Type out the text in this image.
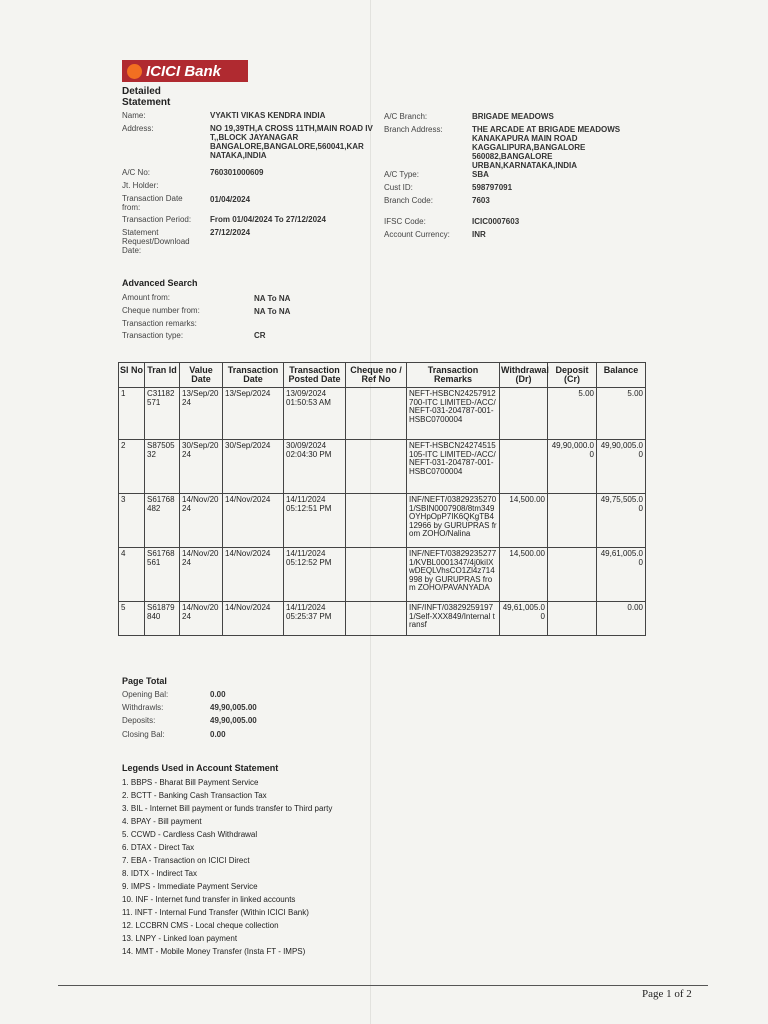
ICICI Bank
Detailed Statement
Name:	VYAKTI VIKAS KENDRA INDIA
Address:	NO 19,39TH,A CROSS 11TH,MAIN ROAD IV T,,BLOCK JAYANAGAR BANGALORE,BANGALORE,560041,KAR NATAKA,INDIA
A/C No:	760301000609
Jt. Holder:
Transaction Date from:
01/04/2024
Transaction Period: From 01/04/2024 To 27/12/2024
Statement Request/Download Date:
27/12/2024
A/C Branch:	BRIGADE MEADOWS
Branch Address:	THE ARCADE AT BRIGADE MEADOWS KANAKAPURA MAIN ROAD KAGGALIPURA,BANGALORE 560082,BANGALORE URBAN,KARNATAKA,INDIA
A/C Type:	SBA
Cust ID:	598797091
Branch Code:	7603
IFSC Code:	ICIC0007603
Account Currency:	INR
Advanced Search
Amount from:	NA To NA
Cheque number from:	NA To NA
Transaction remarks:
Transaction type:	CR
Sl No	Tran Id	Value Date	Transaction Date	Transaction Posted Date	Cheque no / Ref No	Transaction Remarks	Withdrawal (Dr)	Deposit (Cr)	Balance
1	C31182571	13/Sep/2024	13/Sep/2024	13/09/2024 01:50:53 AM		NEFT-HSBCN24257912700-ITC LIMITED-/ACC/NEFT-031-204787-001-HSBC0700004		5.00	5.00
2	S8750532	30/Sep/2024	30/Sep/2024	30/09/2024 02:04:30 PM		NEFT-HSBCN24274515105-ITC LIMITED-/ACC/NEFT-031-204787-001-HSBC0700004		49,90,000.00	49,90,005.00
3	S61768482	14/Nov/2024	14/Nov/2024	14/11/2024 05:12:51 PM		INF/NEFT/038292352701/SBIN0007908/8tm349OYHpOpP7IK6QKgTB412966 by GURUPRAS from ZOHO/Nalina	14,500.00		49,75,505.00
4	S61768561	14/Nov/2024	14/Nov/2024	14/11/2024 05:12:52 PM		INF/NEFT/038292352771/KVBL0001347/4j0kiIXwDEQLVhsCO1Zl4z714998 by GURUPRAS from ZOHO/PAVANYADA	14,500.00		49,61,005.00
5	S61879840	14/Nov/2024	14/Nov/2024	14/11/2024 05:25:37 PM		INF/INFT/038292591971/Self-XXX849/Internal transf	49,61,005.00		0.00
Page Total
Opening Bal:	0.00
Withdrawls:	49,90,005.00
Deposits:	49,90,005.00
Closing Bal:	0.00
Legends Used in Account Statement
1. BBPS - Bharat Bill Payment Service
2. BCTT - Banking Cash Transaction Tax
3. BIL - Internet Bill payment or funds transfer to Third party
4. BPAY - Bill payment
5. CCWD - Cardless Cash Withdrawal
6. DTAX - Direct Tax
7. EBA - Transaction on ICICI Direct
8. IDTX - Indirect Tax
9. IMPS - Immediate Payment Service
10. INF - Internet fund transfer in linked accounts
11. INFT - Internal Fund Transfer (Within ICICI Bank)
12. LCCBRN CMS - Local cheque collection
13. LNPY - Linked loan payment
14. MMT - Mobile Money Transfer (Insta FT - IMPS)
Page 1 of 2
